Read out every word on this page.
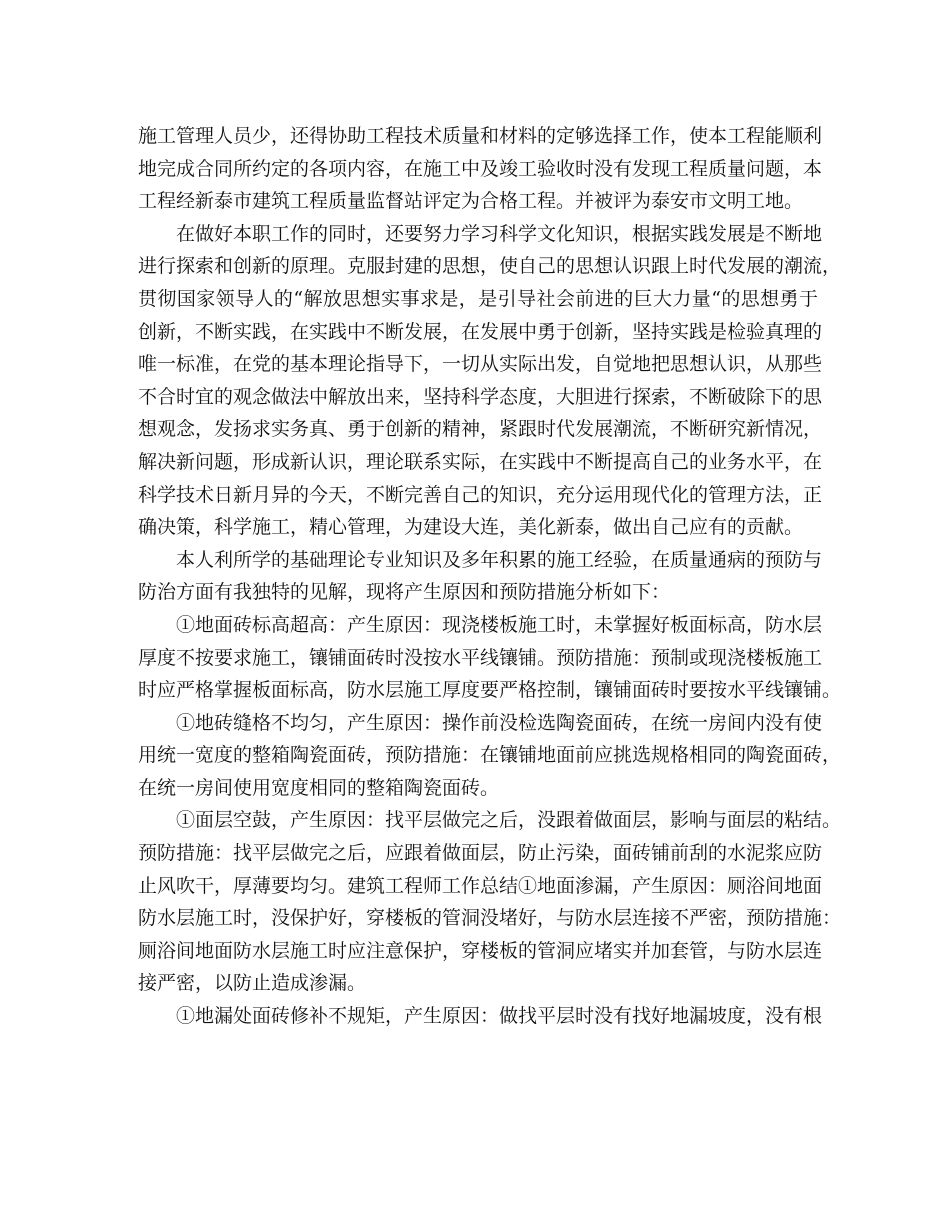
施工管理人员少，还得协助工程技术质量和材料的定够选择工作，使本工程能顺利
地完成合同所约定的各项内容，在施工中及竣工验收时没有发现工程质量问题，本
工程经新泰市建筑工程质量监督站评定为合格工程。并被评为泰安市文明工地。
在做好本职工作的同时，还要努力学习科学文化知识，根据实践发展是不断地
进行探索和创新的原理。克服封建的思想，使自己的思想认识跟上时代发展的潮流，
贯彻国家领导人的“解放思想实事求是，是引导社会前进的巨大力量“的思想勇于
创新，不断实践，在实践中不断发展，在发展中勇于创新，坚持实践是检验真理的
唯一标准，在党的基本理论指导下，一切从实际出发，自觉地把思想认识，从那些
不合时宜的观念做法中解放出来，坚持科学态度，大胆进行探索，不断破除下的思
想观念，发扬求实务真、勇于创新的精神，紧跟时代发展潮流，不断研究新情况，
解决新问题，形成新认识，理论联系实际，在实践中不断提高自己的业务水平，在
科学技术日新月异的今天，不断完善自己的知识，充分运用现代化的管理方法，正
确决策，科学施工，精心管理，为建设大连，美化新泰，做出自己应有的贡献。
本人利所学的基础理论专业知识及多年积累的施工经验，在质量通病的预防与
防治方面有我独特的见解，现将产生原因和预防措施分析如下：
①地面砖标高超高：产生原因：现浇楼板施工时，未掌握好板面标高，防水层
厚度不按要求施工，镶铺面砖时没按水平线镶铺。预防措施：预制或现浇楼板施工
时应严格掌握板面标高，防水层施工厚度要严格控制，镶铺面砖时要按水平线镶铺。
①地砖缝格不均匀，产生原因：操作前没检选陶瓷面砖，在统一房间内没有使
用统一宽度的整箱陶瓷面砖，预防措施：在镶铺地面前应挑选规格相同的陶瓷面砖，
在统一房间使用宽度相同的整箱陶瓷面砖。
①面层空鼓，产生原因：找平层做完之后，没跟着做面层，影响与面层的粘结。
预防措施：找平层做完之后，应跟着做面层，防止污染，面砖铺前刮的水泥浆应防
止风吹干，厚薄要均匀。建筑工程师工作总结①地面渗漏，产生原因：厕浴间地面
防水层施工时，没保护好，穿楼板的管洞没堵好，与防水层连接不严密，预防措施：
厕浴间地面防水层施工时应注意保护，穿楼板的管洞应堵实并加套管，与防水层连
接严密，以防止造成渗漏。
①地漏处面砖修补不规矩，产生原因：做找平层时没有找好地漏坡度，没有根
